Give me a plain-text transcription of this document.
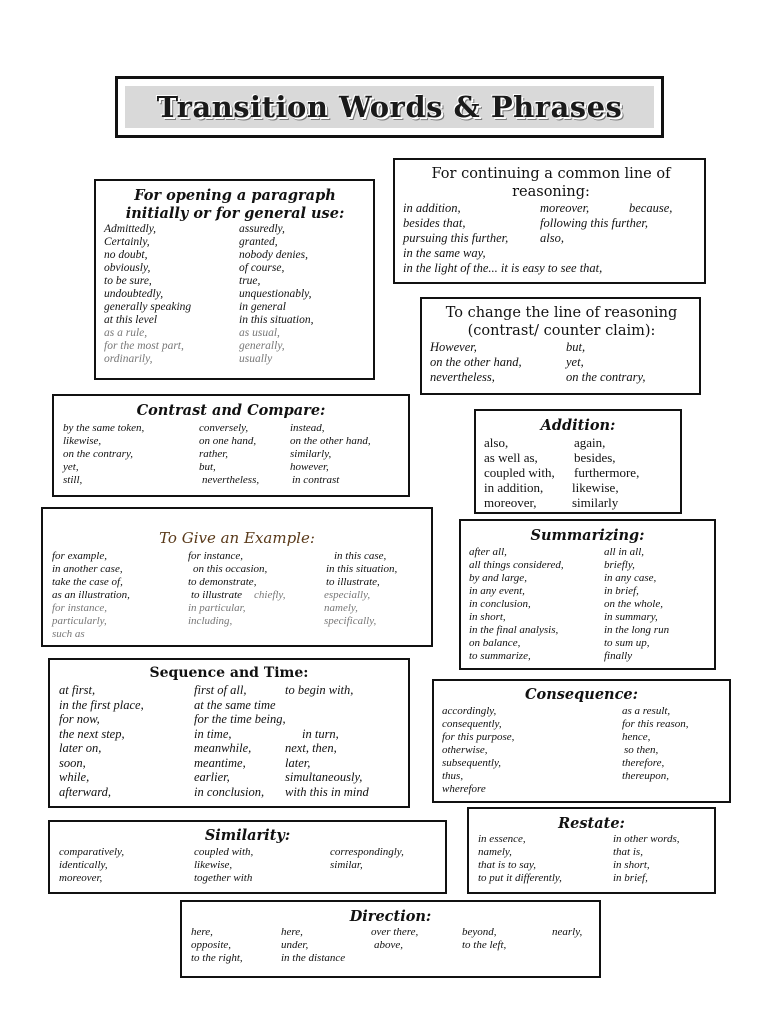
Transition Words & Phrases
For opening a paragraph initially or for general use:
Admittedly,
Certainly,
no doubt,
obviously,
to be sure,
undoubtedly,
generally speaking
at this level
as a rule,
for the most part,
ordinarily,
assuredly,
granted,
nobody denies,
of course,
true,
unquestionably,
in general
in this situation,
as usual,
generally,
usually
For continuing a common line of reasoning:
in addition,
besides that,
pursuing this further,
in the same way,
in the light of the... it is easy to see that,
moreover,
following this further,
also,
because,
To change the line of reasoning (contrast/ counter claim):
However,
on the other hand,
nevertheless,
but,
yet,
on the contrary,
Contrast and Compare:
by the same token,
likewise,
on the contrary,
yet,
still,
conversely,
on one hand,
rather,
but,
nevertheless,
instead,
on the other hand,
similarly,
however,
in contrast
Addition:
also,
as well as,
coupled with,
in addition,
moreover,
again,
besides,
furthermore,
likewise,
similarly
To Give an Example:
for example,
in another case,
take the case of,
as an illustration,
for instance,
particularly,
such as
for instance,
on this occasion,
to demonstrate,
to illustrate chiefly,
in particular,
including,
in this case,
in this situation,
to illustrate,
especially,
namely,
specifically,
Summarizing:
after all,
all things considered,
by and large,
in any event,
in conclusion,
in short,
in the final analysis,
on balance,
to summarize,
all in all,
briefly,
in any case,
in brief,
on the whole,
in summary,
in the long run
to sum up,
finally
Sequence and Time:
at first,
in the first place,
for now,
the next step,
later on,
soon,
while,
afterward,
first of all,
at the same time
for the time being,
in time,
meanwhile,
meantime,
earlier,
in conclusion,
to begin with,
in turn,
next, then,
later,
simultaneously,
with this in mind
Consequence:
accordingly,
consequently,
for this purpose,
otherwise,
subsequently,
thus,
wherefore
as a result,
for this reason,
hence,
so then,
therefore,
thereupon,
Similarity:
comparatively,
identically,
moreover,
coupled with,
likewise,
together with
correspondingly,
similar,
Restate:
in essence,
namely,
that is to say,
to put it differently,
in other words,
that is,
in short,
in brief,
Direction:
here,
opposite,
to the right,
here,
under,
in the distance
over there,
above,
beyond,
to the left,
nearly,
